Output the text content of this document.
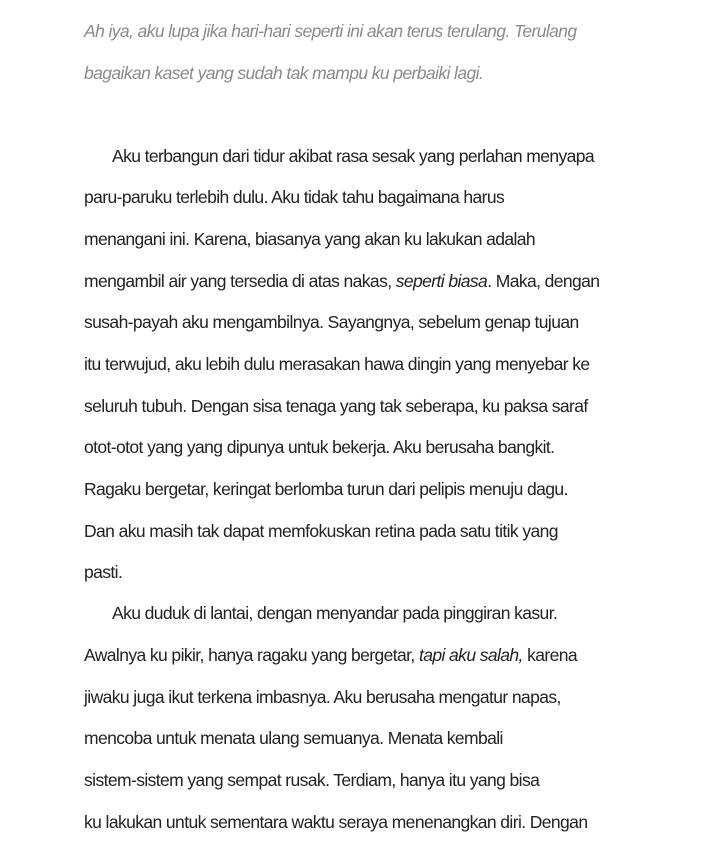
Ah iya, aku lupa jika hari-hari seperti ini akan terus terulang. Terulang
bagaikan kaset yang sudah tak mampu ku perbaiki lagi.
Aku terbangun dari tidur akibat rasa sesak yang perlahan menyapa
paru-paruku terlebih dulu. Aku tidak tahu bagaimana harus
menangani ini. Karena, biasanya yang akan ku lakukan adalah
mengambil air yang tersedia di atas nakas, seperti biasa. Maka, dengan
susah-payah aku mengambilnya. Sayangnya, sebelum genap tujuan
itu terwujud, aku lebih dulu merasakan hawa dingin yang menyebar ke
seluruh tubuh. Dengan sisa tenaga yang tak seberapa, ku paksa saraf
otot-otot yang yang dipunya untuk bekerja. Aku berusaha bangkit.
Ragaku bergetar, keringat berlomba turun dari pelipis menuju dagu.
Dan aku masih tak dapat memfokuskan retina pada satu titik yang
pasti.
Aku duduk di lantai, dengan menyandar pada pinggiran kasur.
Awalnya ku pikir, hanya ragaku yang bergetar, tapi aku salah, karena
jiwaku juga ikut terkena imbasnya. Aku berusaha mengatur napas,
mencoba untuk menata ulang semuanya. Menata kembali
sistem-sistem yang sempat rusak. Terdiam, hanya itu yang bisa
ku lakukan untuk sementara waktu seraya menenangkan diri. Dengan
